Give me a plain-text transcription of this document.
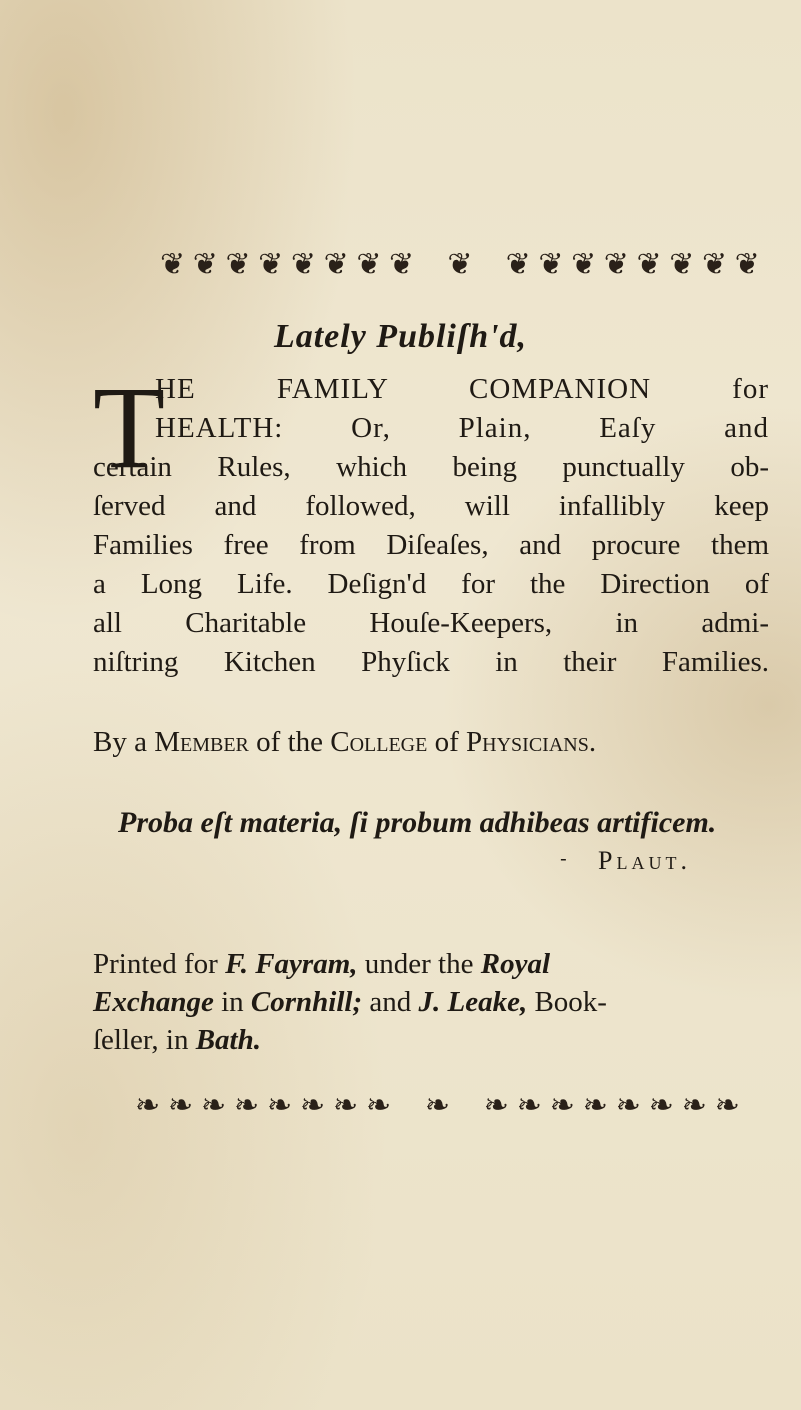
❦ ❦ ❦ ❦ ❦ ❦ ❦ ❦ ❦ ❦ ❦ ❦ ❦ ❦ ❦ ❦ ❦
Lately Publiſh'd,
T
HE FAMILY COMPANION for
HEALTH: Or, Plain, Eaſy and
certain Rules, which being punctually ob-
ſerved and followed, will infallibly keep
Families free from Diſeaſes, and procure them
a Long Life. Deſign'd for the Direction of
all Charitable Houſe-Keepers, in admi-
niſtring Kitchen Phyſick in their Families.
By a Member of the College of Physicians.
Proba eſt materia, ſi probum adhibeas artificem.
- Plaut.
Printed for F. Fayram, under the Royal
Exchange in Cornhill; and J. Leake, Book-
ſeller, in Bath.
❧ ❧ ❧ ❧ ❧ ❧ ❧ ❧ ❧ ❧ ❧ ❧ ❧ ❧ ❧ ❧ ❧
